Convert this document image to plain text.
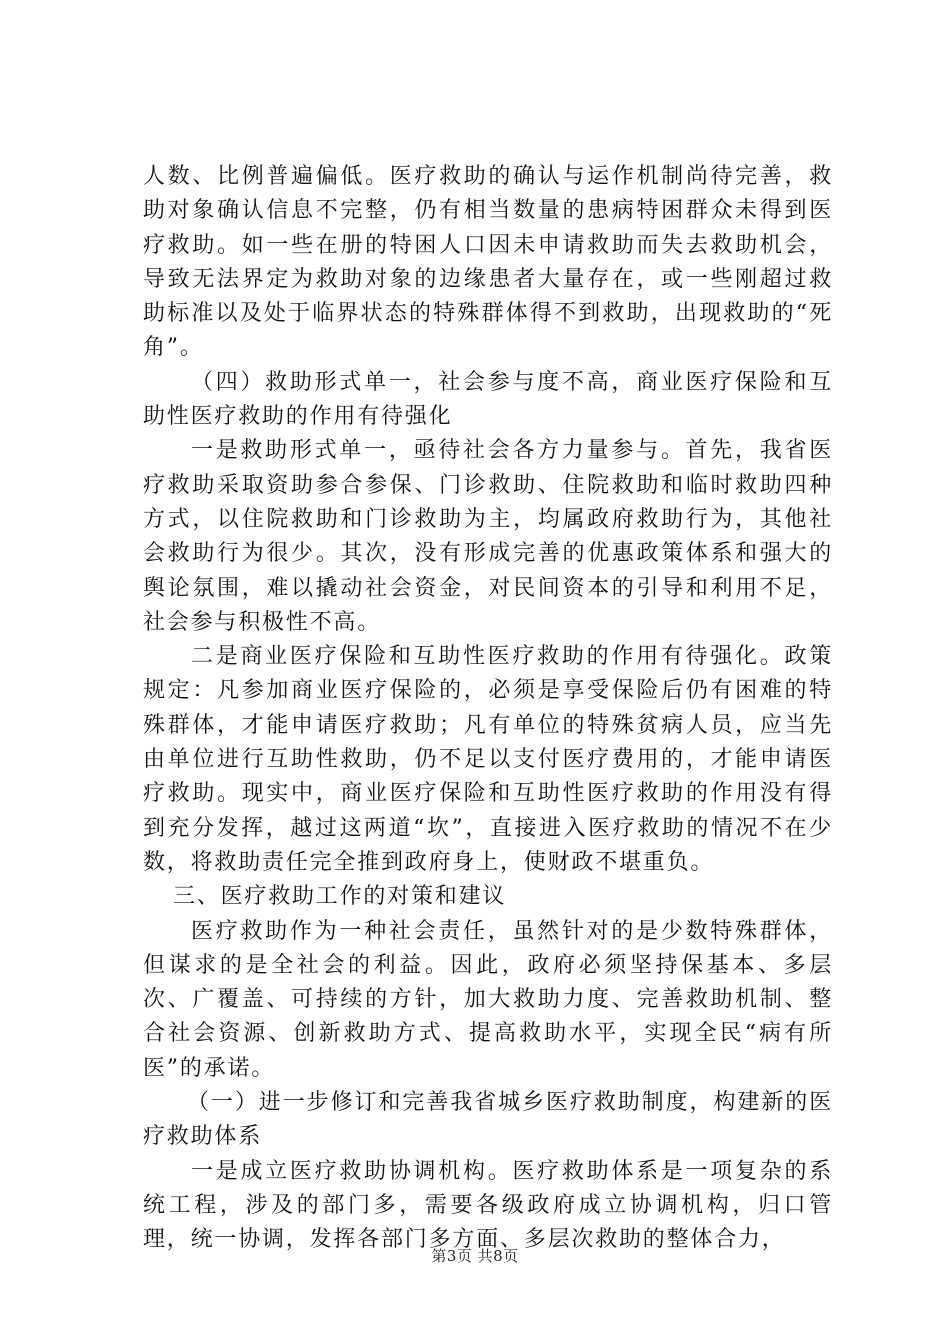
人数、比例普遍偏低。医疗救助的确认与运作机制尚待完善，救助对象确认信息不完整，仍有相当数量的患病特困群众未得到医疗救助。如一些在册的特困人口因未申请救助而失去救助机会，导致无法界定为救助对象的边缘患者大量存在，或一些刚超过救助标准以及处于临界状态的特殊群体得不到救助，出现救助的“死角”。

（四）救助形式单一，社会参与度不高，商业医疗保险和互助性医疗救助的作用有待强化

一是救助形式单一，亟待社会各方力量参与。首先，我省医疗救助采取资助参合参保、门诊救助、住院救助和临时救助四种方式，以住院救助和门诊救助为主，均属政府救助行为，其他社会救助行为很少。其次，没有形成完善的优惠政策体系和强大的舆论氛围，难以撬动社会资金，对民间资本的引导和利用不足，社会参与积极性不高。

二是商业医疗保险和互助性医疗救助的作用有待强化。政策规定：凡参加商业医疗保险的，必须是享受保险后仍有困难的特殊群体，才能申请医疗救助；凡有单位的特殊贫病人员，应当先由单位进行互助性救助，仍不足以支付医疗费用的，才能申请医疗救助。现实中，商业医疗保险和互助性医疗救助的作用没有得到充分发挥，越过这两道“坎”，直接进入医疗救助的情况不在少数，将救助责任完全推到政府身上，使财政不堪重负。

三、医疗救助工作的对策和建议

医疗救助作为一种社会责任，虽然针对的是少数特殊群体，但谋求的是全社会的利益。因此，政府必须坚持保基本、多层次、广覆盖、可持续的方针，加大救助力度、完善救助机制、整合社会资源、创新救助方式、提高救助水平，实现全民“病有所医”的承诺。

（一）进一步修订和完善我省城乡医疗救助制度，构建新的医疗救助体系

一是成立医疗救助协调机构。医疗救助体系是一项复杂的系统工程，涉及的部门多，需要各级政府成立协调机构，归口管理，统一协调，发挥各部门多方面、多层次救助的整体合力，

第3页 共8页
